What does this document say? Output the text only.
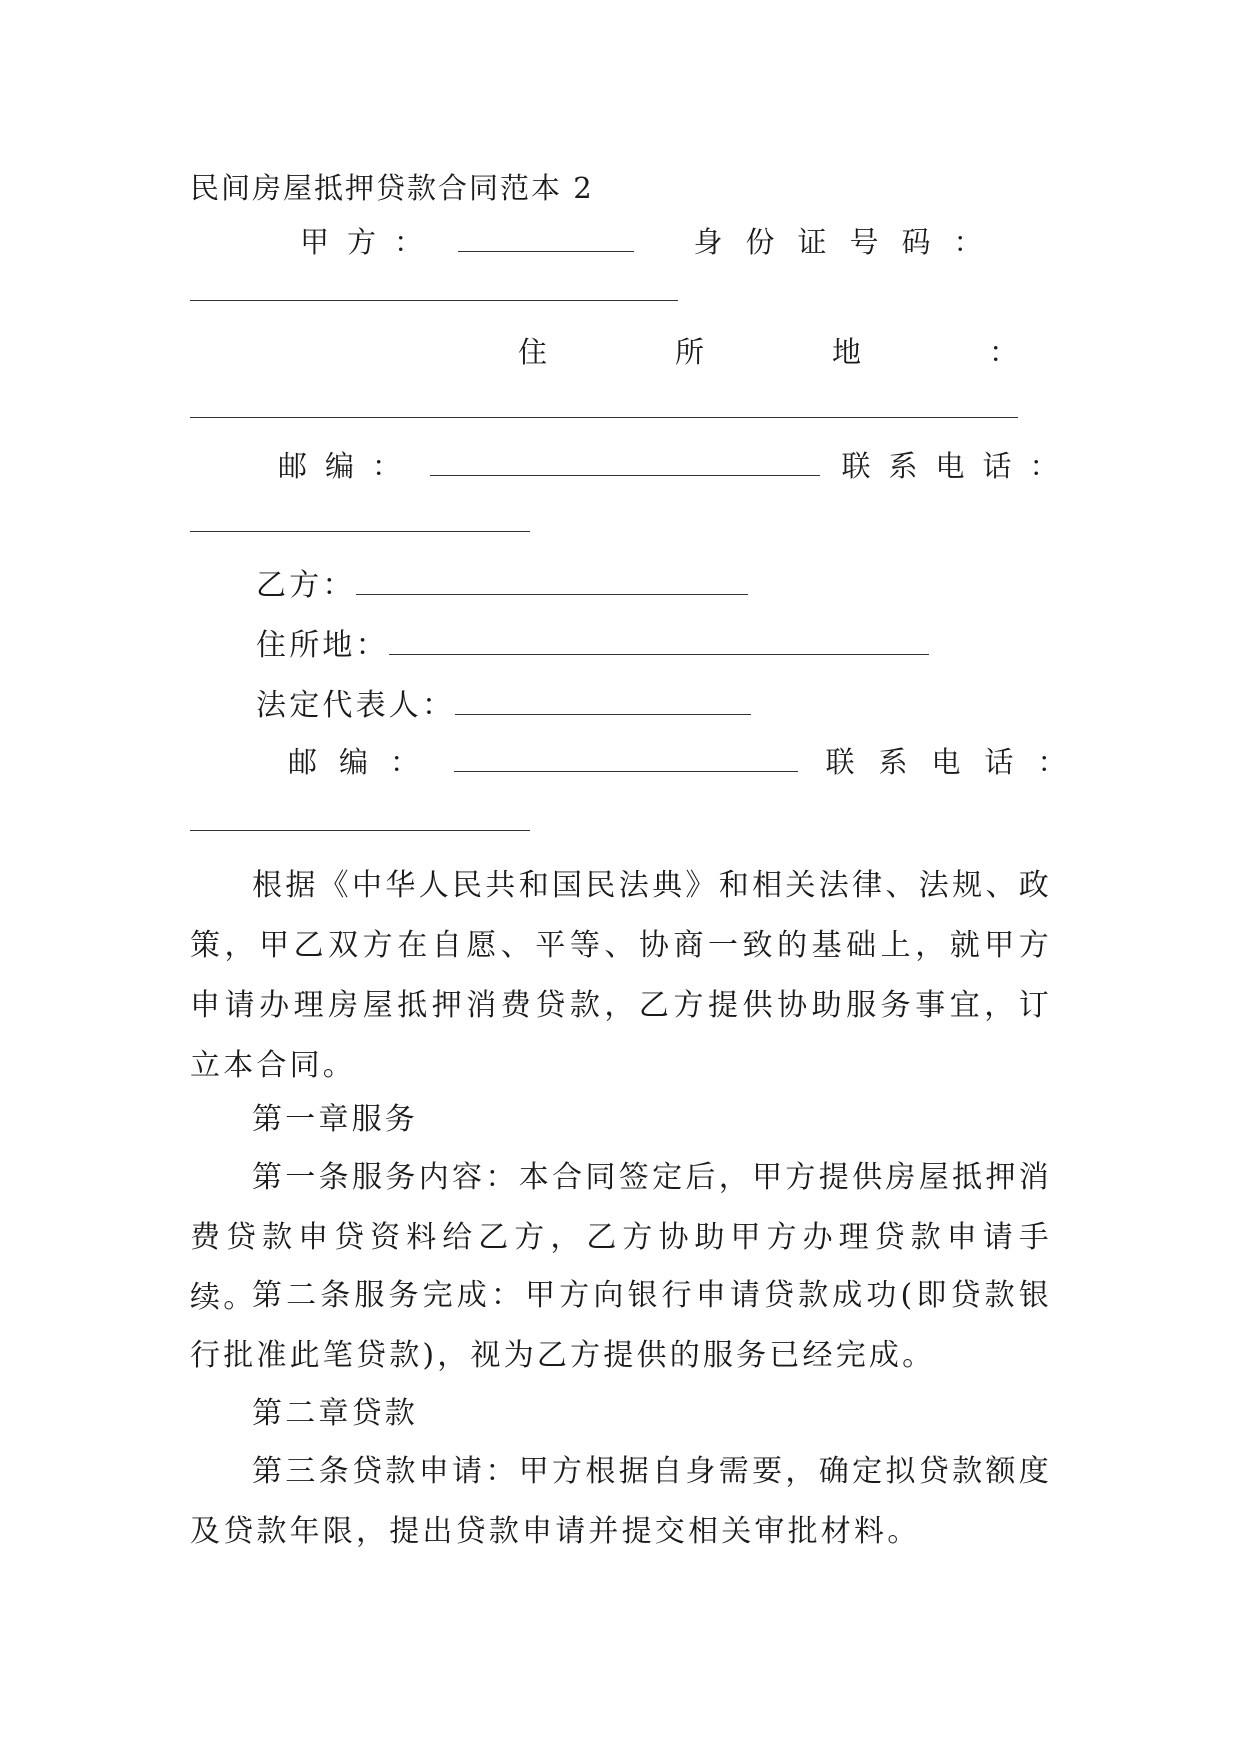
民间房屋抵押贷款合同范本 2
甲方：	身份证号码：
住	所	地	：
邮编：	联系电话：
乙方：
住所地：
法定代表人：
邮编：	联系电话：
根据《中华人民共和国民法典》和相关法律、法规、政策，甲乙双方在自愿、平等、协商一致的基础上，就甲方申请办理房屋抵押消费贷款，乙方提供协助服务事宜，订立本合同。
第一章服务
第一条服务内容：本合同签定后，甲方提供房屋抵押消费贷款申贷资料给乙方，乙方协助甲方办理贷款申请手续。
第二条服务完成：甲方向银行申请贷款成功(即贷款银行批准此笔贷款)，视为乙方提供的服务已经完成。
第二章贷款
第三条贷款申请：甲方根据自身需要，确定拟贷款额度及贷款年限，提出贷款申请并提交相关审批材料。
